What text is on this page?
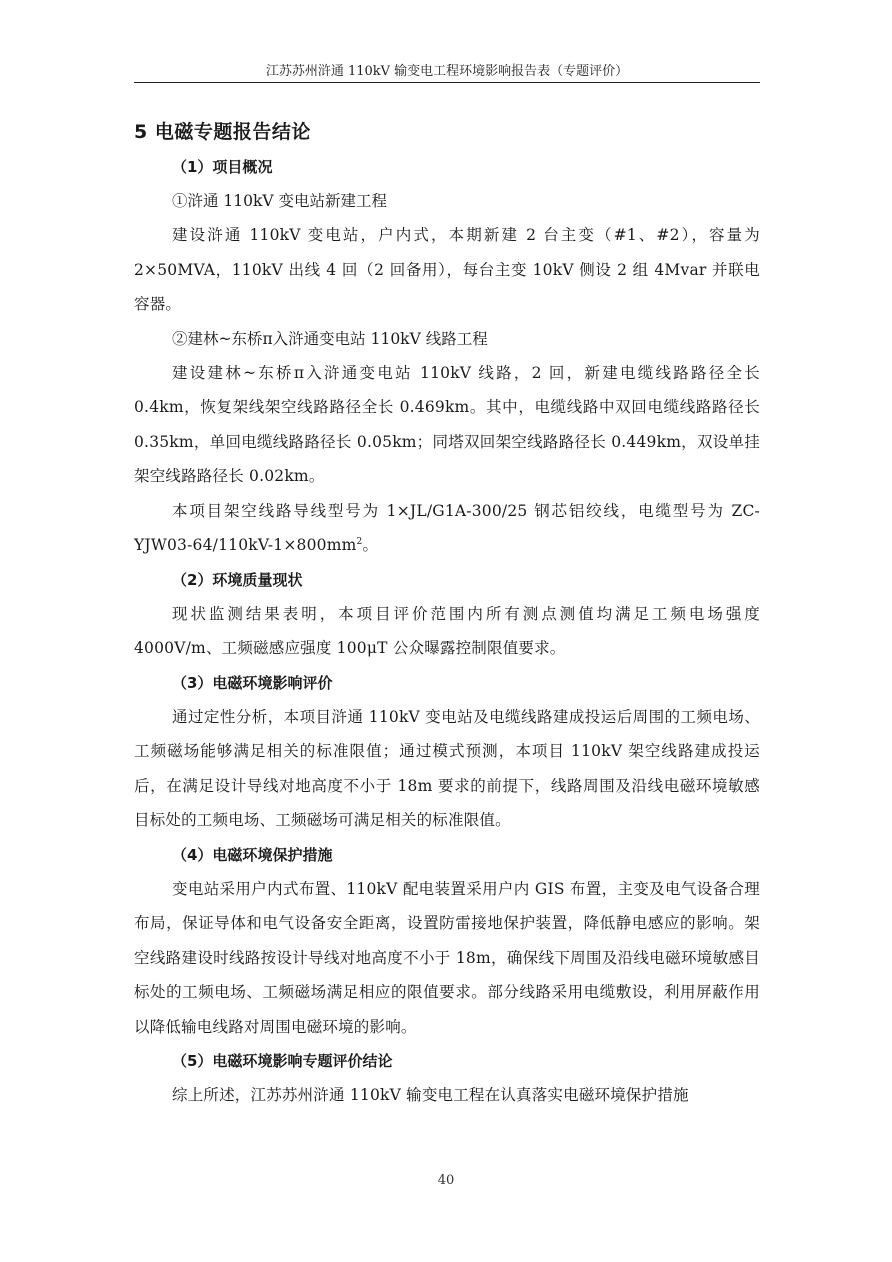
江苏苏州浒通 110kV 输变电工程环境影响报告表（专题评价）

5 电磁专题报告结论

（1）项目概况

①浒通 110kV 变电站新建工程

建设浒通 110kV 变电站，户内式，本期新建 2 台主变（#1、#2），容量为 2×50MVA，110kV 出线 4 回（2 回备用），每台主变 10kV 侧设 2 组 4Mvar 并联电容器。

②建林~东桥π入浒通变电站 110kV 线路工程

建设建林~东桥π入浒通变电站 110kV 线路，2 回，新建电缆线路路径全长 0.4km，恢复架线架空线路路径全长 0.469km。其中，电缆线路中双回电缆线路路径长 0.35km，单回电缆线路路径长 0.05km；同塔双回架空线路路径长 0.449km，双设单挂架空线路路径长 0.02km。

本项目架空线路导线型号为 1×JL/G1A-300/25 钢芯铝绞线，电缆型号为 $ZC-YJW03-64/110kV-1\times 800mm^2$。

（2）环境质量现状

现状监测结果表明，本项目评价范围内所有测点测值均满足工频电场强度 4000V/m、工频磁感应强度 100μT 公众曝露控制限值要求。

（3）电磁环境影响评价

通过定性分析，本项目浒通 110kV 变电站及电缆线路建成投运后周围的工频电场、工频磁场能够满足相关的标准限值；通过模式预测，本项目 110kV 架空线路建成投运后，在满足设计导线对地高度不小于 18m 要求的前提下，线路周围及沿线电磁环境敏感目标处的工频电场、工频磁场可满足相关的标准限值。

（4）电磁环境保护措施

变电站采用户内式布置、110kV 配电装置采用户内 GIS 布置，主变及电气设备合理布局，保证导体和电气设备安全距离，设置防雷接地保护装置，降低静电感应的影响。架空线路建设时线路按设计导线对地高度不小于 18m，确保线下周围及沿线电磁环境敏感目标处的工频电场、工频磁场满足相应的限值要求。部分线路采用电缆敷设，利用屏蔽作用以降低输电线路对周围电磁环境的影响。

（5）电磁环境影响专题评价结论

综上所述，江苏苏州浒通 110kV 输变电工程在认真落实电磁环境保护措施

40
